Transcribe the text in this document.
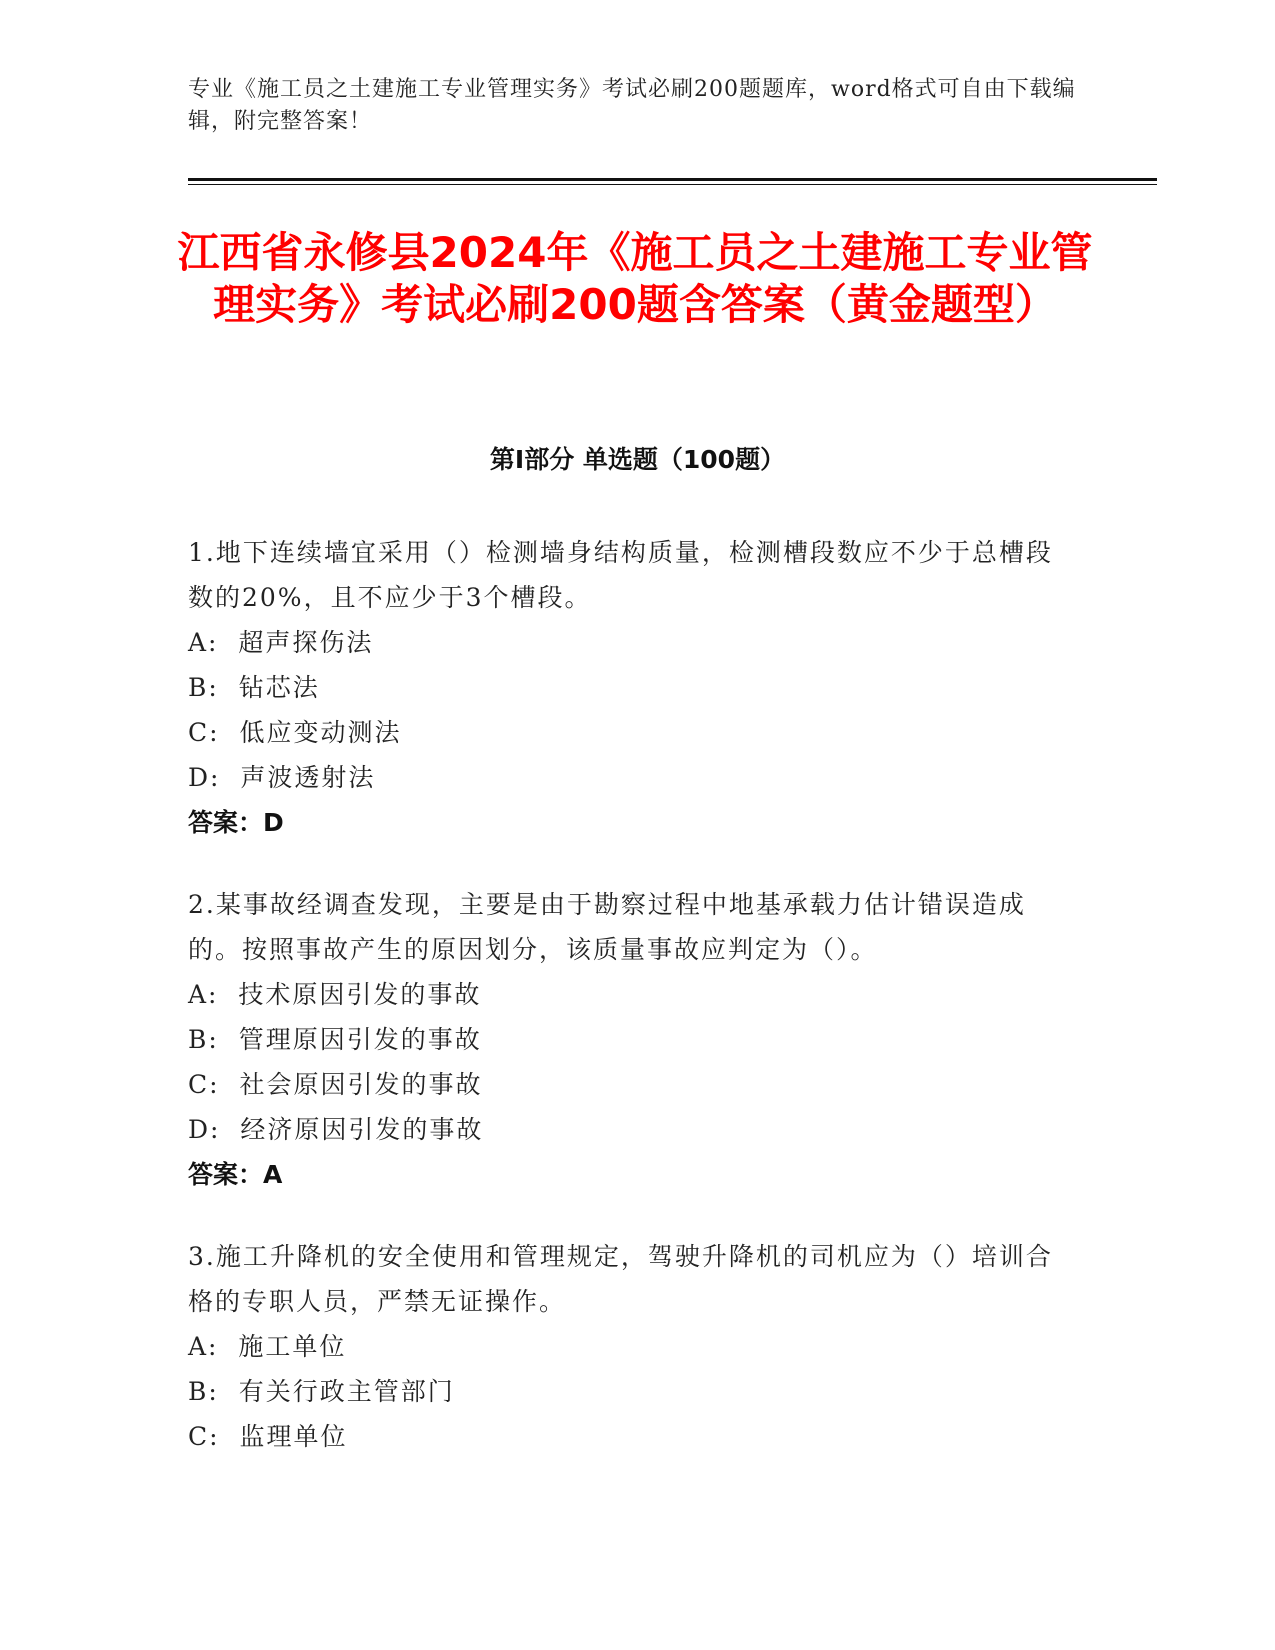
专业《施工员之土建施工专业管理实务》考试必刷200题题库，word格式可自由下载编辑，附完整答案！
江西省永修县2024年《施工员之土建施工专业管理实务》考试必刷200题含答案（黄金题型）
第Ⅰ部分 单选题（100题）

1.地下连续墙宜采用（）检测墙身结构质量，检测槽段数应不少于总槽段数的20%，且不应少于3个槽段。

A:  超声探伤法
B:  钻芯法
C:  低应变动测法
D:  声波透射法
答案：D

2.某事故经调查发现，主要是由于勘察过程中地基承载力估计错误造成的。按照事故产生的原因划分，该质量事故应判定为（）。

A:  技术原因引发的事故
B:  管理原因引发的事故
C:  社会原因引发的事故
D:  经济原因引发的事故
答案：A

3.施工升降机的安全使用和管理规定，驾驶升降机的司机应为（）培训合格的专职人员，严禁无证操作。

A:  施工单位
B:  有关行政主管部门
C:  监理单位
